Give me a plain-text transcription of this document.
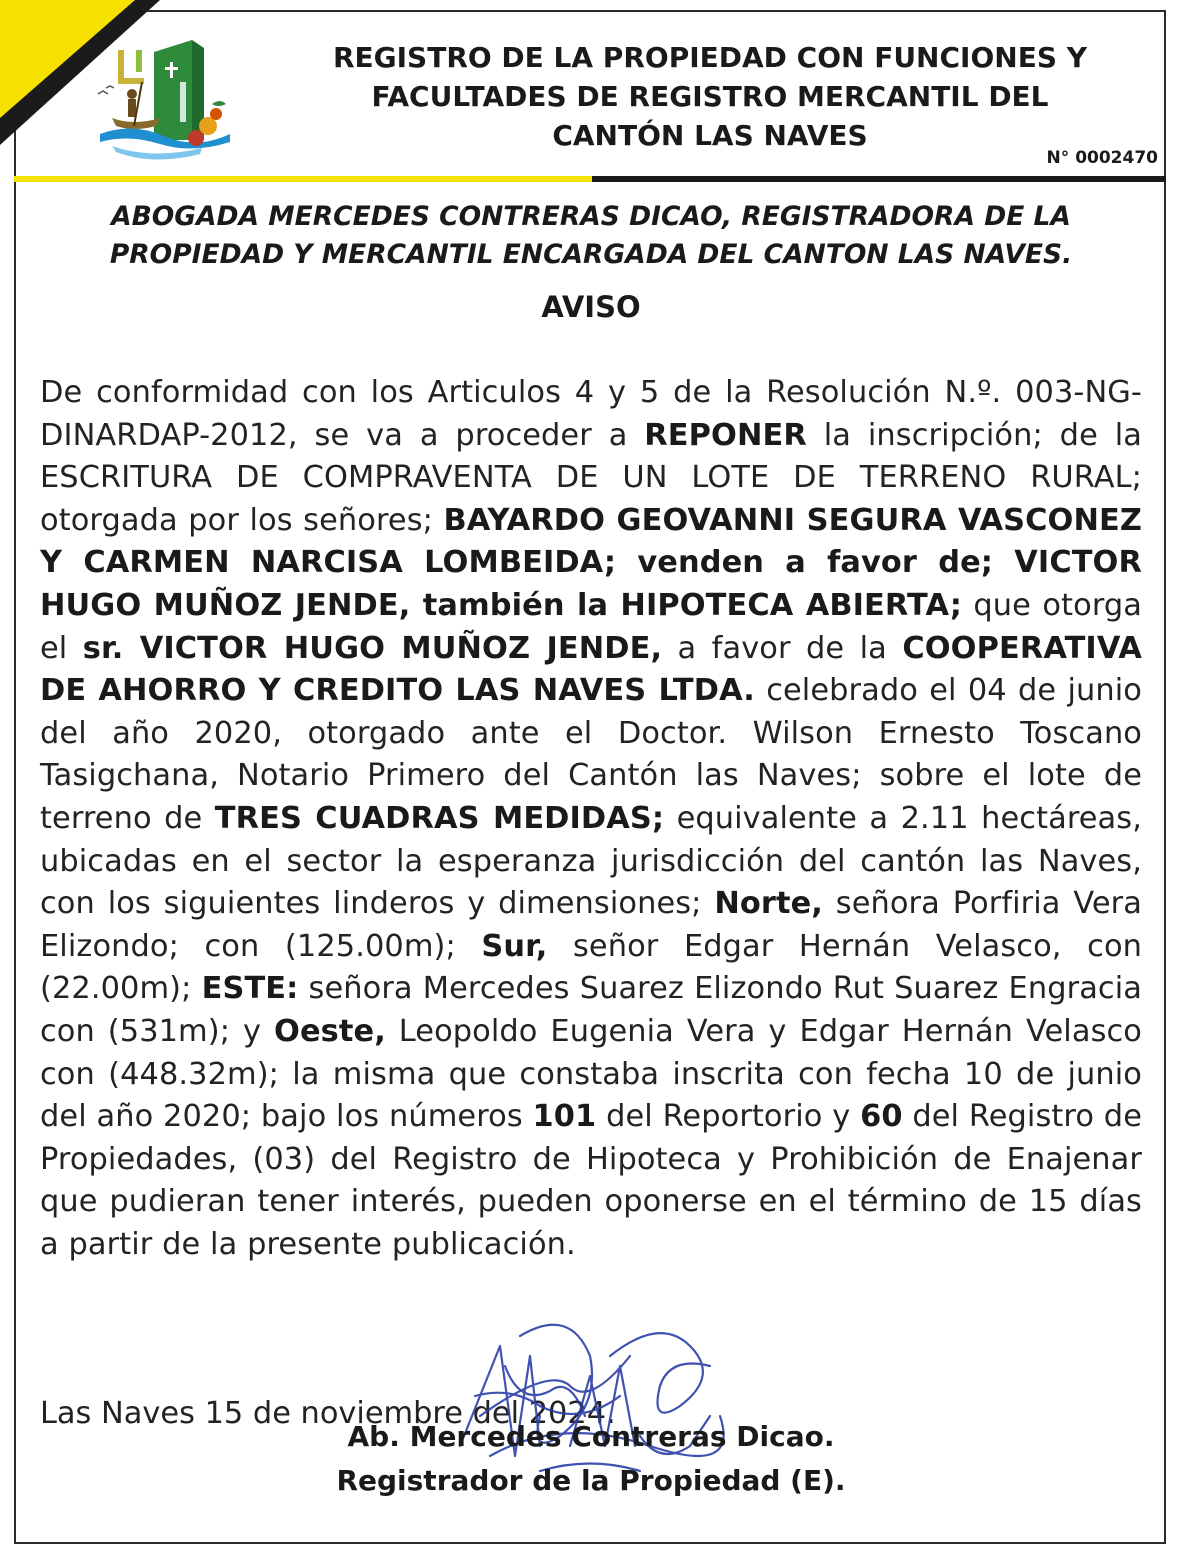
REGISTRO DE LA PROPIEDAD CON FUNCIONES Y
FACULTADES DE REGISTRO MERCANTIL DEL
CANTÓN LAS NAVES
N° 0002470

ABOGADA MERCEDES CONTRERAS DICAO, REGISTRADORA DE LA
PROPIEDAD Y MERCANTIL ENCARGADA DEL CANTON LAS NAVES.

AVISO

De conformidad con los Articulos 4 y 5 de la Resolución N.º. 003-NG- DINARDAP-2012, se va a proceder a REPONER la inscripción; de la ESCRITURA DE COMPRAVENTA DE UN LOTE DE TERRENO RURAL; otorgada por los señores; BAYARDO GEOVANNI SEGURA VASCONEZ Y CARMEN NARCISA LOMBEIDA; venden a favor de; VICTOR HUGO MUÑOZ JENDE, también la HIPOTECA ABIERTA; que otorga el sr. VICTOR HUGO MUÑOZ JENDE, a favor de la COOPERATIVA DE AHORRO Y CREDITO LAS NAVES LTDA. celebrado el 04 de junio del año 2020, otorgado ante el Doctor. Wilson Ernesto Toscano Tasigchana, Notario Primero del Cantón las Naves; sobre el lote de terreno de TRES CUADRAS MEDIDAS; equivalente a 2.11 hectáreas, ubicadas en el sector la esperanza jurisdicción del cantón las Naves, con los siguientes linderos y dimensiones; Norte, señora Porfiria Vera Elizondo; con (125.00m); Sur, señor Edgar Hernán Velasco, con (22.00m); ESTE: señora Mercedes Suarez Elizondo Rut Suarez Engracia con (531m); y Oeste, Leopoldo Eugenia Vera y Edgar Hernán Velasco con (448.32m); la misma que constaba inscrita con fecha 10 de junio del año 2020; bajo los números 101 del Reportorio y 60 del Registro de Propiedades, (03) del Registro de Hipoteca y Prohibición de Enajenar que pudieran tener interés, pueden oponerse en el término de 15 días a partir de la presente publicación.

Las Naves 15 de noviembre del 2024.

Ab. Mercedes Contreras Dicao.

Registrador de la Propiedad (E).
